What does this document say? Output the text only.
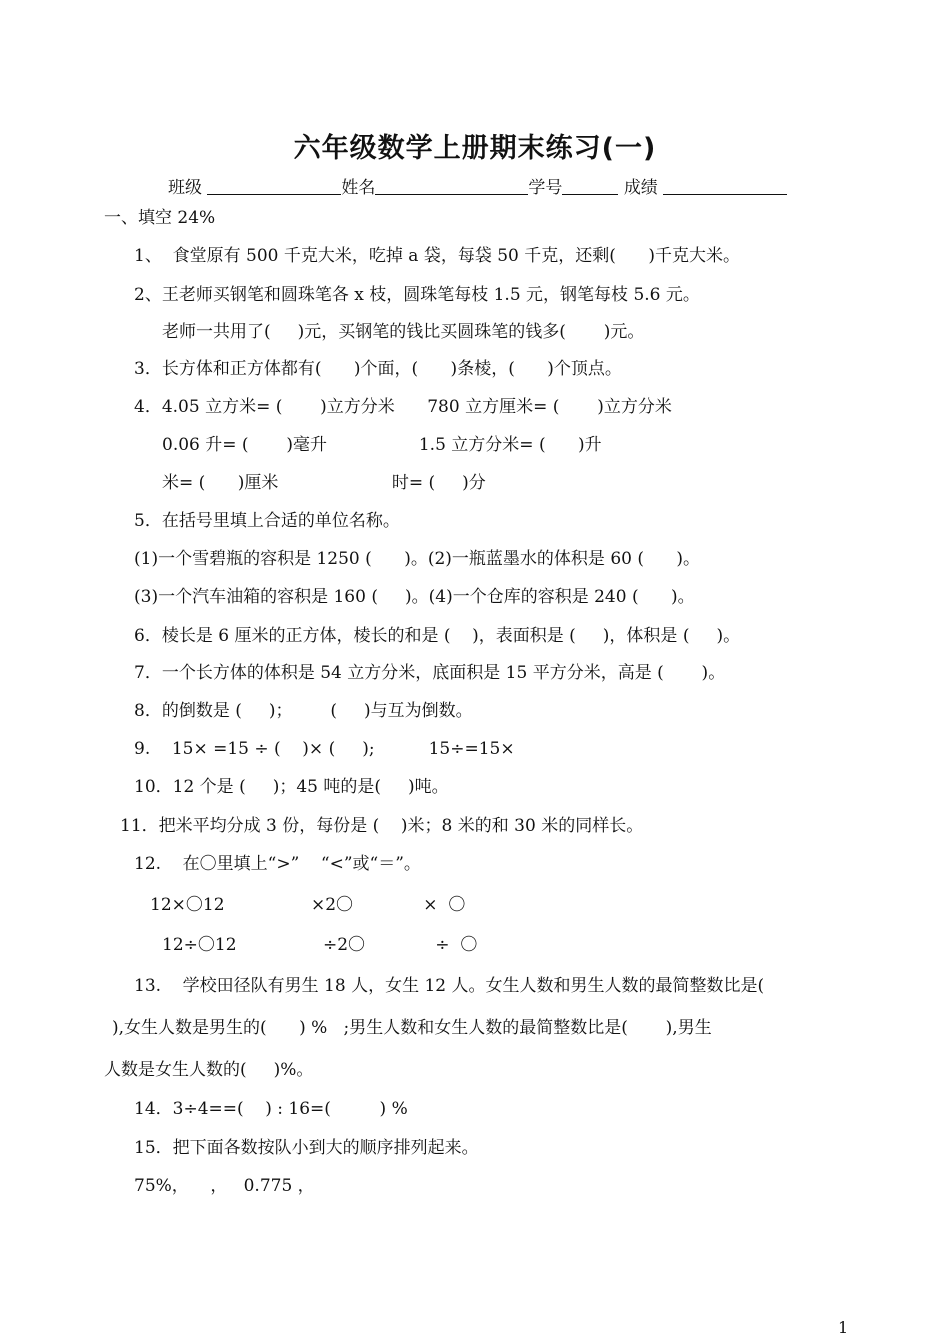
六年级数学上册期末练习(一)
班级	姓名	学号	成绩
一、填空 24%
1、  食堂原有 500 千克大米，吃掉 a 袋，每袋 50 千克，还剩(      )千克大米。
2、王老师买钢笔和圆珠笔各 x 枝，圆珠笔每枝 1.5 元，钢笔每枝 5.6 元。
老师一共用了(     )元，买钢笔的钱比买圆珠笔的钱多(       )元。
3．长方体和正方体都有(      )个面，(      )条棱，(      )个顶点。
4．4.05 立方米= (       )立方分米      780 立方厘米= (       )立方分米
0.06 升= (       )毫升                 1.5 立方分米= (      )升
米= (      )厘米                     时= (     )分
5．在括号里填上合适的单位名称。
(1)一个雪碧瓶的容积是 1250 (      )。(2)一瓶蓝墨水的体积是 60 (      )。
(3)一个汽车油箱的容积是 160 (     )。(4)一个仓库的容积是 240 (      )。
6．棱长是 6 厘米的正方体，棱长的和是 (    )，表面积是 (     )，体积是 (     )。
7．一个长方体的体积是 54 立方分米，底面积是 15 平方分米，高是 (       )。
8．的倒数是 (     )；       (     )与互为倒数。
9.    15× =15 ÷ (    )× (     );          15÷=15×
10．12 个是 (     )；45 吨的是(     )吨。
11．把米平均分成 3 份，每份是 (    )米；8 米的和 30 米的同样长。
12.    在〇里填上“>”    “<”或“＝”。
12×〇12                ×2〇             ×  〇
12÷〇12                ÷2〇             ÷  〇
13.    学校田径队有男生 18 人，女生 12 人。女生人数和男生人数的最简整数比是(
),女生人数是男生的(      ) %   ;男生人数和女生人数的最简整数比是(       ),男生
人数是女生人数的(     )%。
14．3÷4==(    ) : 16=(         ) %
15．把下面各数按队小到大的顺序排列起来。
75%，    ，   0.775 ，
1
